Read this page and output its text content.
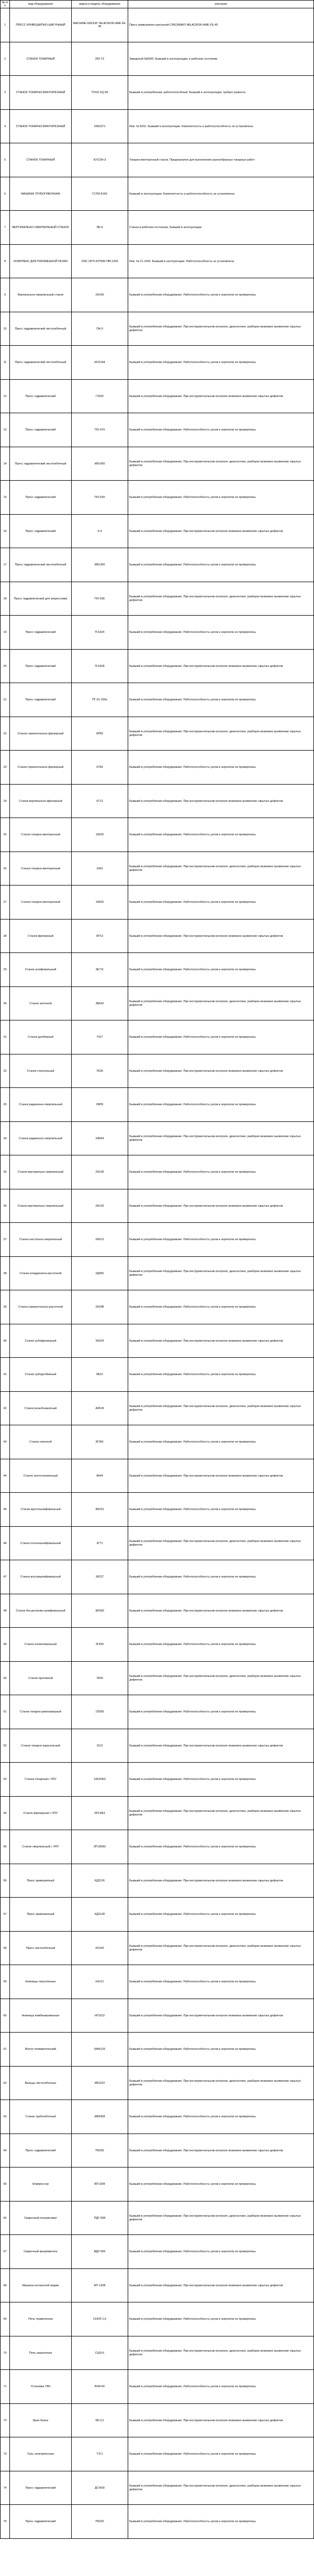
№ п/п	вид оборудования	марка и модель оборудования	описание
1	ПРЕСС КРИВОШИПНО-ШАТУННЫЙ	MACHINE-GROUP, NILACRON HME FE-45	Пресс кривошипно-шатунный CINCINNATI MILACRON HME FE-45
2	СТАНОК ТОКАРНЫЙ	250 TZ	Заводской №0000. Бывший в эксплуатации, в рабочем состоянии
3	СТАНОК ТОКАРНО-ВИНТОРЕЗНЫЙ	ТОSS SQ-50	Бывший в употреблении, работоспособный. Бывший в эксплуатации, требует ремонта
4	СТАНОК ТОКАРНО-ВИНТОРЕЗНЫЙ	16Б16Т1	Инв. № 5011. Бывший в эксплуатации. Комплектность и работоспособность не установлены
5	СТАНОК ТОКАРНЫЙ	КУСОН-3	Токарно-винторезный станок. Предназначен для выполнения разнообразных токарных работ
6	МАШИНА ТРУБОГИБОЧНАЯ	ГСТМ-5166	Бывший в эксплуатации. Комплектность и работоспособность не установлены
7	ВЕРТИКАЛЬНО-СВЕРЛИЛЬНЫЙ СТАНОК	ЛБ-9	Станок в рабочем состоянии, бывший в эксплуатации
8	КОМПЛЕКС ДЛЯ ПЛАЗМЕННОЙ РЕЗКИ	CNC OPTI-КУПИК ПМ-1200	Инв. № 21-1043. Бывший в эксплуатации. Работоспособность не установлена
9	Вертикально-сверлильный станок	2Н150	Бывший в употреблении оборудование. Работоспособность узлов и агрегатов не проверялась
10	Пресс гидравлический листогибочный	ПА-3	Бывший в употреблении оборудование. При инструментальном контроле, диагностике, разборке возможно выявление скрытых дефектов
11	Пресс гидравлический листогибочный	ИО2144	Бывший в употреблении оборудование. Работоспособность узлов и агрегатов не проверялась
12	Пресс гидравлический	Г2032	Бывший в употреблении оборудование. При инструментальном контроле возможно выявление скрытых дефектов
13	Пресс гидравлический	ПО-474	Бывший в употреблении оборудование. Работоспособность узлов и агрегатов не проверялась
14	Пресс гидравлический листогибочный	ИБ1430	Бывший в употреблении оборудование. При инструментальном контроле, диагностике, разборке возможно выявление скрытых дефектов
15	Пресс гидравлический	ПО-534	Бывший в употреблении оборудование. Работоспособность узлов и агрегатов не проверялась
16	Пресс гидравлический	К-4	Бывший в употреблении оборудование. При инструментальном контроле возможно выявление скрытых дефектов
17	Пресс гидравлический листогибочный	ИБ1330	Бывший в употреблении оборудование. Работоспособность узлов и агрегатов не проверялась
18	Пресс гидравлический для запрессовки	ПО-536	Бывший в употреблении оборудование. При инструментальном контроле, диагностике, разборке возможно выявление скрытых дефектов
19	Пресс гидравлический	П-6324	Бывший в употреблении оборудование. Работоспособность узлов и агрегатов не проверялась
20	Пресс гидравлический	П-6328	Бывший в употреблении оборудование. При инструментальном контроле возможно выявление скрытых дефектов
21	Пресс гидравлический	ПГ-01-150н	Бывший в употреблении оборудование. Работоспособность узлов и агрегатов не проверялась
22	Станок горизонтально-фрезерный	6Р82	Бывший в употреблении оборудование. При инструментальном контроле, диагностике, разборке возможно выявление скрытых дефектов
23	Станок горизонтально-фрезерный	6Т82	Бывший в употреблении оборудование. Работоспособность узлов и агрегатов не проверялась
24	Станок вертикально-фрезерный	6Т12	Бывший в употреблении оборудование. При инструментальном контроле возможно выявление скрытых дефектов
25	Станок токарно-винторезный	16К20	Бывший в употреблении оборудование. Работоспособность узлов и агрегатов не проверялась
26	Станок токарно-винторезный	1К62	Бывший в употреблении оборудование. При инструментальном контроле, диагностике, разборке возможно выявление скрытых дефектов
27	Станок токарно-винторезный	16К25	Бывший в употреблении оборудование. Работоспособность узлов и агрегатов не проверялась
28	Станок фрезерный	6Р13	Бывший в употреблении оборудование. При инструментальном контроле возможно выявление скрытых дефектов
29	Станок шлифовальный	3Е711	Бывший в употреблении оборудование. Работоспособность узлов и агрегатов не проверялась
30	Станок заточной	3Б642	Бывший в употреблении оборудование. При инструментальном контроле, диагностике, разборке возможно выявление скрытых дефектов
31	Станок долбежный	7417	Бывший в употреблении оборудование. Работоспособность узлов и агрегатов не проверялась
32	Станок строгальный	7Б35	Бывший в употреблении оборудование. При инструментальном контроле возможно выявление скрытых дефектов
33	Станок радиально-сверлильный	2М55	Бывший в употреблении оборудование. Работоспособность узлов и агрегатов не проверялась
34	Станок радиально-сверлильный	2А554	Бывший в употреблении оборудование. При инструментальном контроле, диагностике, разборке возможно выявление скрытых дефектов
35	Станок вертикально-сверлильный	2Н135	Бывший в употреблении оборудование. Работоспособность узлов и агрегатов не проверялась
36	Станок вертикально-сверлильный	2Н125	Бывший в употреблении оборудование. При инструментальном контроле возможно выявление скрытых дефектов
37	Станок настольно-сверлильный	2М112	Бывший в употреблении оборудование. Работоспособность узлов и агрегатов не проверялась
38	Станок координатно-расточной	2Д450	Бывший в употреблении оборудование. При инструментальном контроле, диагностике, разборке возможно выявление скрытых дефектов
39	Станок горизонтально-расточной	2620В	Бывший в употреблении оборудование. Работоспособность узлов и агрегатов не проверялась
40	Станок зубофрезерный	5К324	Бывший в употреблении оборудование. При инструментальном контроле возможно выявление скрытых дефектов
41	Станок зубодолбежный	5В12	Бывший в употреблении оборудование. Работоспособность узлов и агрегатов не проверялась
42	Станок резьбонакатный	А9518	Бывший в употреблении оборудование. При инструментальном контроле, диагностике, разборке возможно выявление скрытых дефектов
43	Станок отрезной	8Г681	Бывший в употреблении оборудование. Работоспособность узлов и агрегатов не проверялась
44	Станок ленточнопильный	8544	Бывший в употреблении оборудование. При инструментальном контроле возможно выявление скрытых дефектов
45	Станок круглошлифовальный	3М151	Бывший в употреблении оборудование. Работоспособность узлов и агрегатов не проверялась
46	Станок плоскошлифовальный	3Г71	Бывший в употреблении оборудование. При инструментальном контроле, диагностике, разборке возможно выявление скрытых дефектов
47	Станок внутришлифовальный	3К227	Бывший в употреблении оборудование. Работоспособность узлов и агрегатов не проверялась
48	Станок бесцентрово-шлифовальный	3М182	Бывший в употреблении оборудование. При инструментальном контроле возможно выявление скрытых дефектов
49	Станок хонинговальный	3Г833	Бывший в употреблении оборудование. Работоспособность узлов и агрегатов не проверялась
50	Станок протяжной	7Б55	Бывший в употреблении оборудование. При инструментальном контроле, диагностике, разборке возможно выявление скрытых дефектов
51	Станок токарно-револьверный	1П365	Бывший в употреблении оборудование. Работоспособность узлов и агрегатов не проверялась
52	Станок токарно-карусельный	1512	Бывший в употреблении оборудование. При инструментальном контроле возможно выявление скрытых дефектов
53	Станок токарный с ЧПУ	16К20Ф3	Бывший в употреблении оборудование. Работоспособность узлов и агрегатов не проверялась
54	Станок фрезерный с ЧПУ	6Р13Ф3	Бывший в употреблении оборудование. При инструментальном контроле, диагностике, разборке возможно выявление скрытых дефектов
55	Станок сверлильный с ЧПУ	2Р135Ф2	Бывший в употреблении оборудование. Работоспособность узлов и агрегатов не проверялась
56	Пресс кривошипный	КД2126	Бывший в употреблении оборудование. При инструментальном контроле возможно выявление скрытых дефектов
57	Пресс кривошипный	КД2128	Бывший в употреблении оборудование. Работоспособность узлов и агрегатов не проверялась
58	Пресс листогибочный	И1330	Бывший в употреблении оборудование. При инструментальном контроле, диагностике, разборке возможно выявление скрытых дефектов
59	Ножницы гильотинные	Н3121	Бывший в употреблении оборудование. Работоспособность узлов и агрегатов не проверялась
60	Ножницы комбинированные	НГ5222	Бывший в употреблении оборудование. При инструментальном контроле возможно выявление скрытых дефектов
61	Молот пневматический	МА4129	Бывший в употреблении оборудование. Работоспособность узлов и агрегатов не проверялась
62	Вальцы листогибочные	ИБ2222	Бывший в употреблении оборудование. При инструментальном контроле, диагностике, разборке возможно выявление скрытых дефектов
63	Станок трубогибочный	ИВ3428	Бывший в употреблении оборудование. Работоспособность узлов и агрегатов не проверялась
64	Пресс гидравлический	П6330	Бывший в употреблении оборудование. При инструментальном контроле возможно выявление скрытых дефектов
65	Компрессор	ВП-20/8	Бывший в употреблении оборудование. Работоспособность узлов и агрегатов не проверялась
66	Сварочный полуавтомат	ПДГ-508	Бывший в употреблении оборудование. При инструментальном контроле, диагностике, разборке возможно выявление скрытых дефектов
67	Сварочный выпрямитель	ВДУ-506	Бывший в употреблении оборудование. Работоспособность узлов и агрегатов не проверялась
68	Машина контактной сварки	МТ-1928	Бывший в употреблении оборудование. При инструментальном контроле возможно выявление скрытых дефектов
69	Печь термическая	СНОЛ-1,6	Бывший в употреблении оборудование. Работоспособность узлов и агрегатов не проверялась
70	Печь закалочная	СШЗ-6	Бывший в употреблении оборудование. При инструментальном контроле, диагностике, разборке возможно выявление скрытых дефектов
71	Установка ТВЧ	ВЧИ-60	Бывший в употреблении оборудование. Работоспособность узлов и агрегатов не проверялась
72	Кран-балка	КБ-3,2	Бывший в употреблении оборудование. При инструментальном контроле возможно выявление скрытых дефектов
73	Таль электрическая	ТЭ-1	Бывший в употреблении оборудование. Работоспособность узлов и агрегатов не проверялась
74	Пресс гидравлический	ДГ2430	Бывший в употреблении оборудование. При инструментальном контроле, диагностике, разборке возможно выявление скрытых дефектов
75	Пресс гидравлический	П6320	Бывший в употреблении оборудование. Работоспособность узлов и агрегатов не проверялась
